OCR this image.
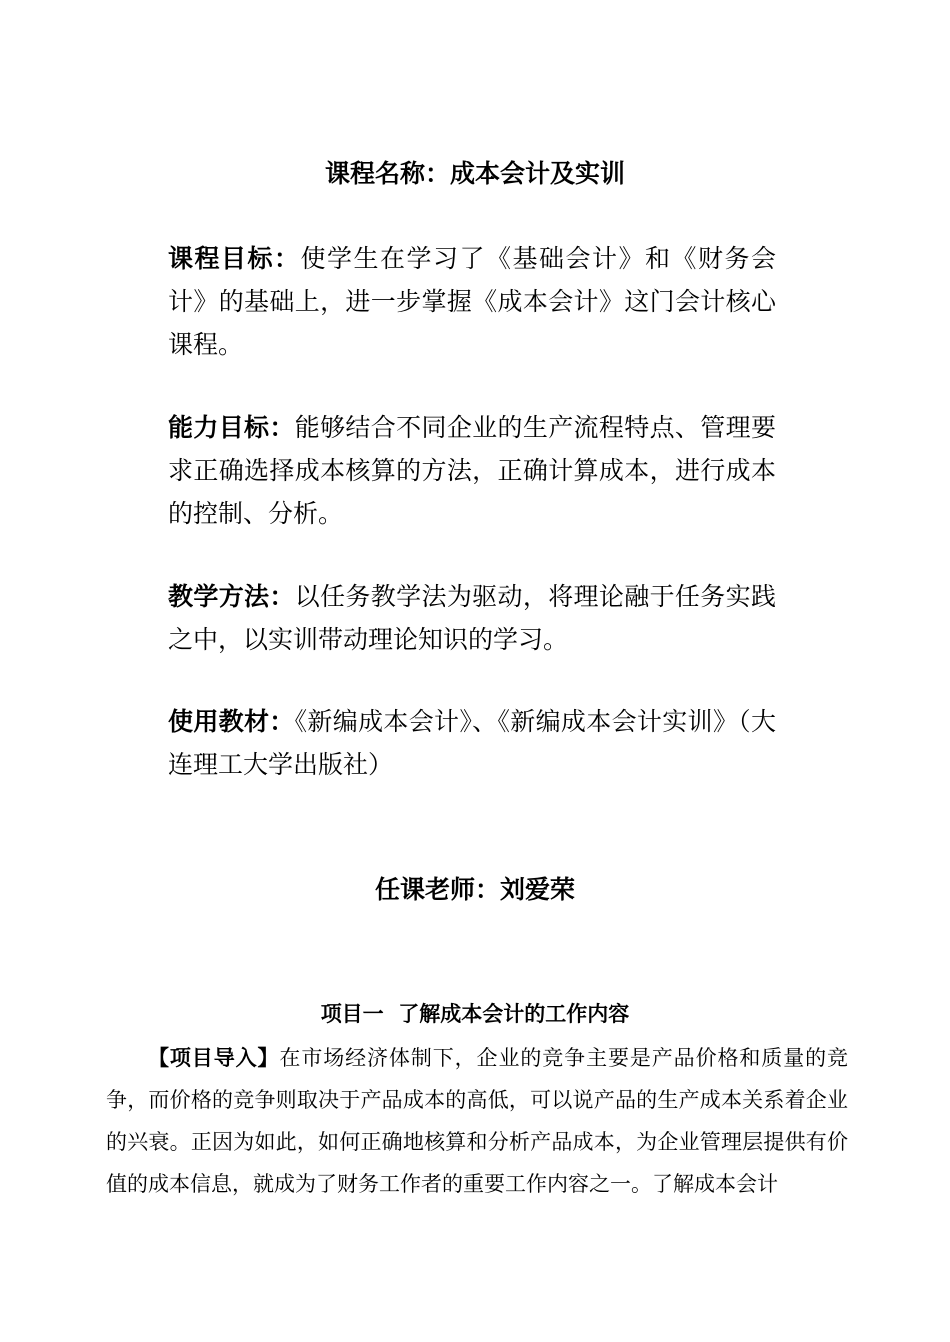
课程名称：成本会计及实训
课程目标：使学生在学习了《基础会计》和《财务会计》的基础上，进一步掌握《成本会计》这门会计核心课程。
能力目标：能够结合不同企业的生产流程特点、管理要求正确选择成本核算的方法，正确计算成本，进行成本的控制、分析。
教学方法：以任务教学法为驱动，将理论融于任务实践之中，以实训带动理论知识的学习。
使用教材：《新编成本会计》、《新编成本会计实训》（大连理工大学出版社）
任课老师：刘爱荣
项目一  了解成本会计的工作内容
【项目导入】在市场经济体制下，企业的竞争主要是产品价格和质量的竞争，而价格的竞争则取决于产品成本的高低，可以说产品的生产成本关系着企业的兴衰。正因为如此，如何正确地核算和分析产品成本，为企业管理层提供有价值的成本信息，就成为了财务工作者的重要工作内容之一。了解成本会计
